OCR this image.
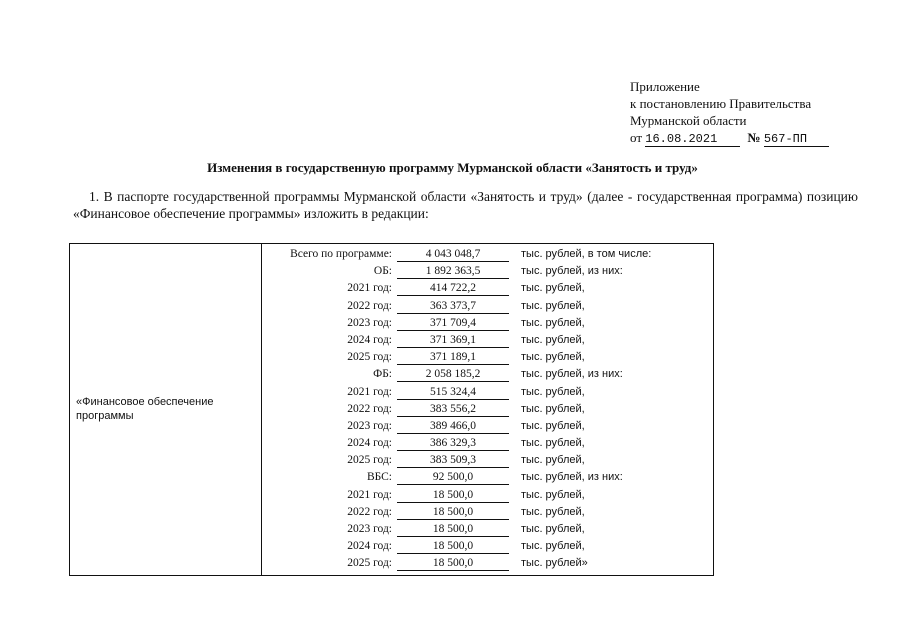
Приложение
к постановлению Правительства
Мурманской области
от 16.08.2021 № 567-ПП
Изменения в государственную программу Мурманской области «Занятость и труд»
1. В паспорте государственной программы Мурманской области «Занятость и труд» (далее - государственная программа) позицию «Финансовое обеспечение программы» изложить в редакции:
«Финансовое обеспечение программы
Всего по программе:	4 043 048,7	тыс. рублей, в том числе:
ОБ:	1 892 363,5	тыс. рублей, из них:
2021 год:	414 722,2	тыс. рублей,
2022 год:	363 373,7	тыс. рублей,
2023 год:	371 709,4	тыс. рублей,
2024 год:	371 369,1	тыс. рублей,
2025 год:	371 189,1	тыс. рублей,
ФБ:	2 058 185,2	тыс. рублей, из них:
2021 год:	515 324,4	тыс. рублей,
2022 год:	383 556,2	тыс. рублей,
2023 год:	389 466,0	тыс. рублей,
2024 год:	386 329,3	тыс. рублей,
2025 год:	383 509,3	тыс. рублей,
ВБС:	92 500,0	тыс. рублей, из них:
2021 год:	18 500,0	тыс. рублей,
2022 год:	18 500,0	тыс. рублей,
2023 год:	18 500,0	тыс. рублей,
2024 год:	18 500,0	тыс. рублей,
2025 год:	18 500,0	тыс. рублей»
